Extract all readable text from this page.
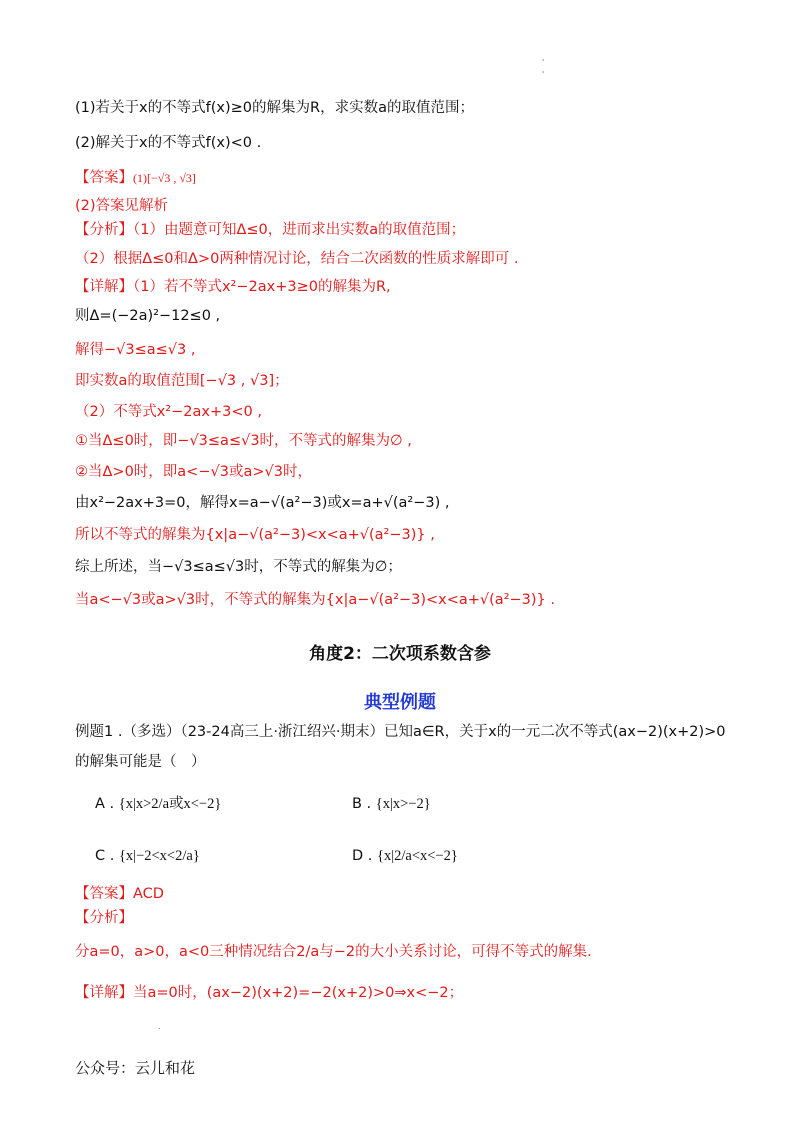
'
'
(1)若关于x的不等式f(x)≥0的解集为R，求实数a的取值范围；
(2)解关于x的不等式f(x)<0 .
【答案】(1)[−√3 , √3]
(2)答案见解析
【分析】（1）由题意可知Δ≤0，进而求出实数a的取值范围；
（2）根据Δ≤0和Δ>0两种情况讨论，结合二次函数的性质求解即可 .
【详解】（1）若不等式x²−2ax+3≥0的解集为R,
则Δ=(−2a)²−12≤0 ,
解得−√3≤a≤√3 ,
即实数a的取值范围[−√3 , √3]；
（2）不等式x²−2ax+3<0 ,
①当Δ≤0时，即−√3≤a≤√3时，不等式的解集为∅ ,
②当Δ>0时，即a<−√3或a>√3时，
由x²−2ax+3=0，解得x=a−√(a²−3)或x=a+√(a²−3) ,
所以不等式的解集为{x|a−√(a²−3)<x<a+√(a²−3)} ,
综上所述，当−√3≤a≤√3时，不等式的解集为∅；
当a<−√3或a>√3时，不等式的解集为{x|a−√(a²−3)<x<a+√(a²−3)} .
角度2：二次项系数含参
典型例题
例题1 .（多选）（23-24高三上·浙江绍兴·期末）已知a∈R，关于x的一元二次不等式(ax−2)(x+2)>0
的解集可能是（　）
A . {x|x>2/a或x<−2}	B . {x|x>−2}
C . {x|−2<x<2/a}	D . {x|2/a<x<−2}
【答案】ACD
【分析】
分a=0，a>0，a<0三种情况结合2/a与−2的大小关系讨论，可得不等式的解集.
【详解】当a=0时，(ax−2)(x+2)=−2(x+2)>0⇒x<−2；
.
公众号：云儿和花
